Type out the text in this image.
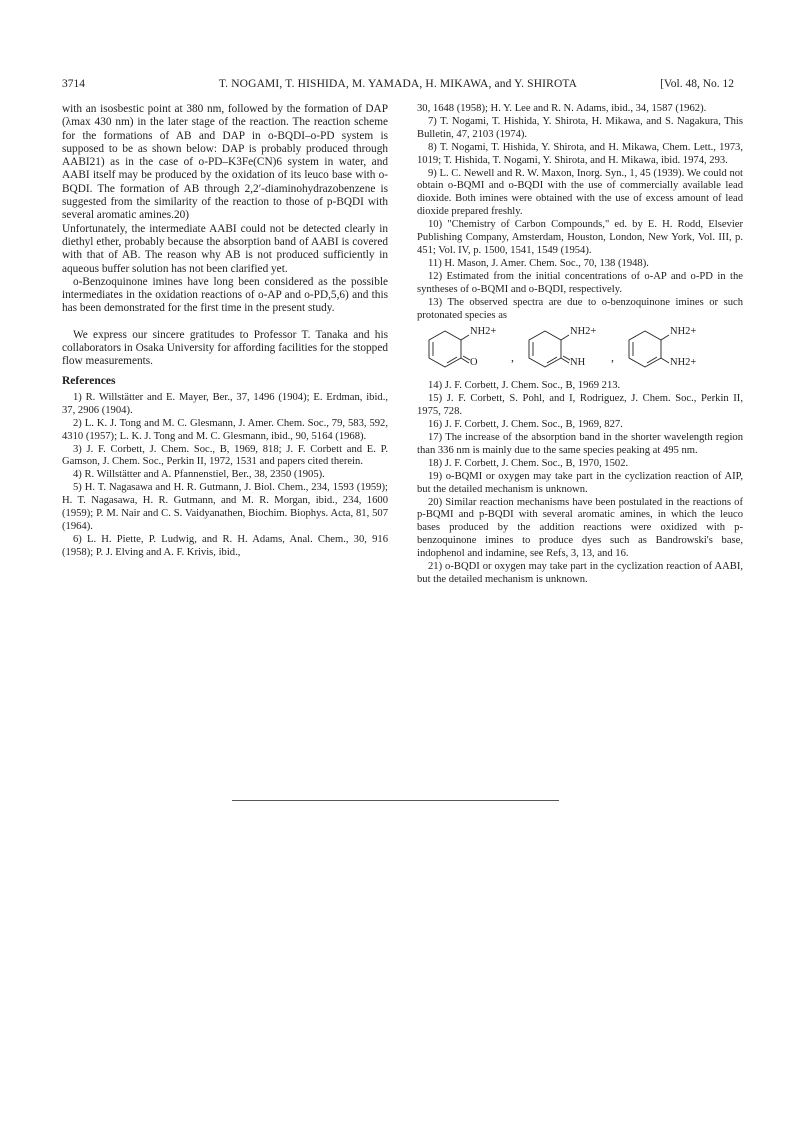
3714	T. NOGAMI, T. HISHIDA, M. YAMADA, H. MIKAWA, and Y. SHIROTA	[Vol. 48, No. 12

with an isosbestic point at 380 nm, followed by the formation of DAP (λmax 430 nm) in the later stage of the reaction. The reaction scheme for the formations of AB and DAP in o-BQDI–o-PD system is supposed to be as shown below: DAP is probably produced through AABI21) as in the case of o-PD–K3Fe(CN)6 system in water, and AABI itself may be produced by the oxidation of its leuco base with o-BQDI. The formation of AB through 2,2′-diaminohydrazobenzene is suggested from the similarity of the reaction to those of p-BQDI with several aromatic amines.20)

Unfortunately, the intermediate AABI could not be detected clearly in diethyl ether, probably because the absorption band of AABI is covered with that of AB. The reason why AB is not produced sufficiently in aqueous buffer solution has not been clarified yet.

o-Benzoquinone imines have long been considered as the possible intermediates in the oxidation reactions of o-AP and o-PD,5,6) and this has been demonstrated for the first time in the present study.

We express our sincere gratitudes to Professor T. Tanaka and his collaborators in Osaka University for affording facilities for the stopped flow measurements.

References

1) R. Willstätter and E. Mayer, Ber., 37, 1496 (1904); E. Erdman, ibid., 37, 2906 (1904).

2) L. K. J. Tong and M. C. Glesmann, J. Amer. Chem. Soc., 79, 583, 592, 4310 (1957); L. K. J. Tong and M. C. Glesmann, ibid., 90, 5164 (1968).

3) J. F. Corbett, J. Chem. Soc., B, 1969, 818; J. F. Corbett and E. P. Gamson, J. Chem. Soc., Perkin II, 1972, 1531 and papers cited therein.

4) R. Willstätter and A. Pfannenstiel, Ber., 38, 2350 (1905).

5) H. T. Nagasawa and H. R. Gutmann, J. Biol. Chem., 234, 1593 (1959); H. T. Nagasawa, H. R. Gutmann, and M. R. Morgan, ibid., 234, 1600 (1959); P. M. Nair and C. S. Vaidyanathen, Biochim. Biophys. Acta, 81, 507 (1964).

6) L. H. Piette, P. Ludwig, and R. H. Adams, Anal. Chem., 30, 916 (1958); P. J. Elving and A. F. Krivis, ibid.,

30, 1648 (1958); H. Y. Lee and R. N. Adams, ibid., 34, 1587 (1962).

7) T. Nogami, T. Hishida, Y. Shirota, H. Mikawa, and S. Nagakura, This Bulletin, 47, 2103 (1974).

8) T. Nogami, T. Hishida, Y. Shirota, and H. Mikawa, Chem. Lett., 1973, 1019; T. Hishida, T. Nogami, Y. Shirota, and H. Mikawa, ibid. 1974, 293.

9) L. C. Newell and R. W. Maxon, Inorg. Syn., 1, 45 (1939). We could not obtain o-BQMI and o-BQDI with the use of commercially available lead dioxide. Both imines were obtained with the use of excess amount of lead dioxide prepared freshly.

10) "Chemistry of Carbon Compounds," ed. by E. H. Rodd, Elsevier Publishing Company, Amsterdam, Houston, London, New York, Vol. III, p. 451; Vol. IV, p. 1500, 1541, 1549 (1954).

11) H. Mason, J. Amer. Chem. Soc., 70, 138 (1948).

12) Estimated from the initial concentrations of o-AP and o-PD in the syntheses of o-BQMI and o-BQDI, respectively.

13) The observed spectra are due to o-benzoquinone imines or such protonated species as

NH2+
O	,
NH2+
NH ,
NH2+
NH2+

14) J. F. Corbett, J. Chem. Soc., B, 1969 213.

15) J. F. Corbett, S. Pohl, and I, Rodriguez, J. Chem. Soc., Perkin II, 1975, 728.

16) J. F. Corbett, J. Chem. Soc., B, 1969, 827.

17) The increase of the absorption band in the shorter wavelength region than 336 nm is mainly due to the same species peaking at 495 nm.

18) J. F. Corbett, J. Chem. Soc., B, 1970, 1502.

19) o-BQMI or oxygen may take part in the cyclization reaction of AIP, but the detailed mechanism is unknown.

20) Similar reaction mechanisms have been postulated in the reactions of p-BQMI and p-BQDI with several aromatic amines, in which the leuco bases produced by the addition reactions were oxidized with p-benzoquinone imines to produce dyes such as Bandrowski's base, indophenol and indamine, see Refs, 3, 13, and 16.

21) o-BQDI or oxygen may take part in the cyclization reaction of AABI, but the detailed mechanism is unknown.
